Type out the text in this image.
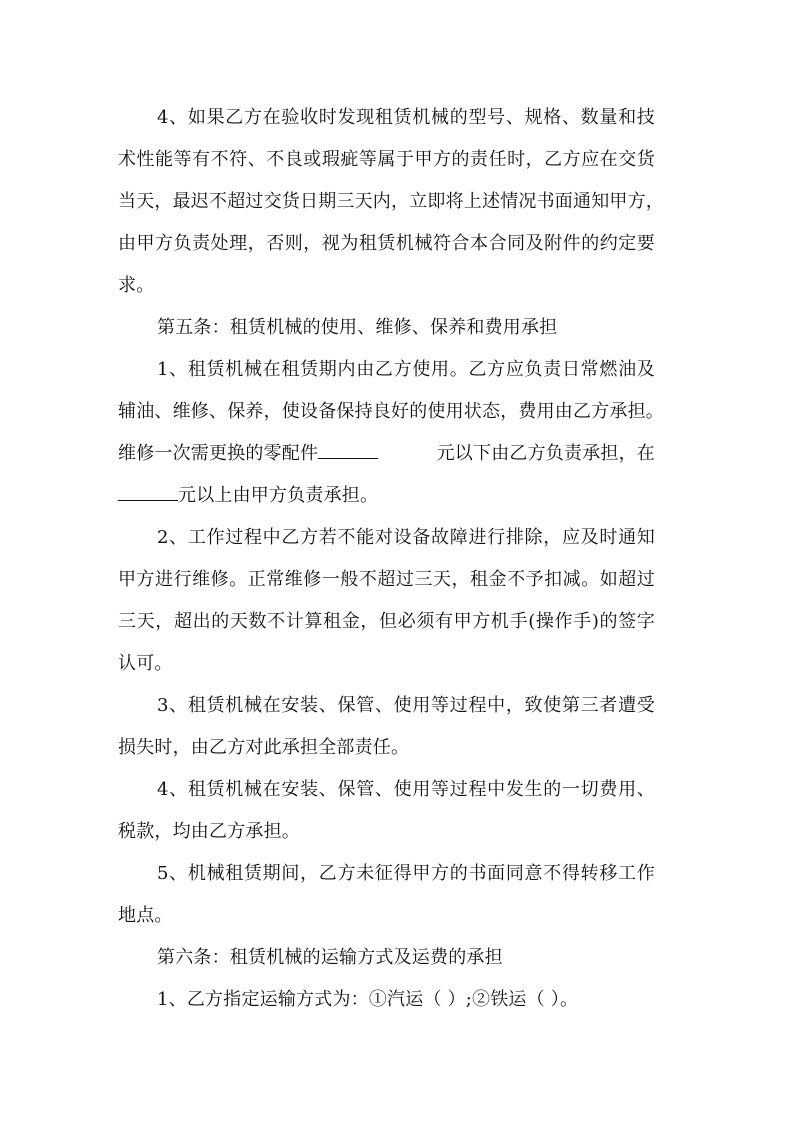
4、如果乙方在验收时发现租赁机械的型号、规格、数量和技
术性能等有不符、不良或瑕疵等属于甲方的责任时，乙方应在交货
当天，最迟不超过交货日期三天内，立即将上述情况书面通知甲方，
由甲方负责处理，否则，视为租赁机械符合本合同及附件的约定要
求。
第五条：租赁机械的使用、维修、保养和费用承担
1、租赁机械在租赁期内由乙方使用。乙方应负责日常燃油及
辅油、维修、保养，使设备保持良好的使用状态，费用由乙方承担。
维修一次需更换的零配件	元以下由乙方负责承担，在
元以上由甲方负责承担。
2、工作过程中乙方若不能对设备故障进行排除，应及时通知
甲方进行维修。正常维修一般不超过三天，租金不予扣减。如超过
三天，超出的天数不计算租金，但必须有甲方机手(操作手)的签字
认可。
3、租赁机械在安装、保管、使用等过程中，致使第三者遭受
损失时，由乙方对此承担全部责任。
4、租赁机械在安装、保管、使用等过程中发生的一切费用、
税款，均由乙方承担。
5、机械租赁期间，乙方未征得甲方的书面同意不得转移工作
地点。
第六条：租赁机械的运输方式及运费的承担
1、乙方指定运输方式为：①汽运（ ）;②铁运（ ）。
